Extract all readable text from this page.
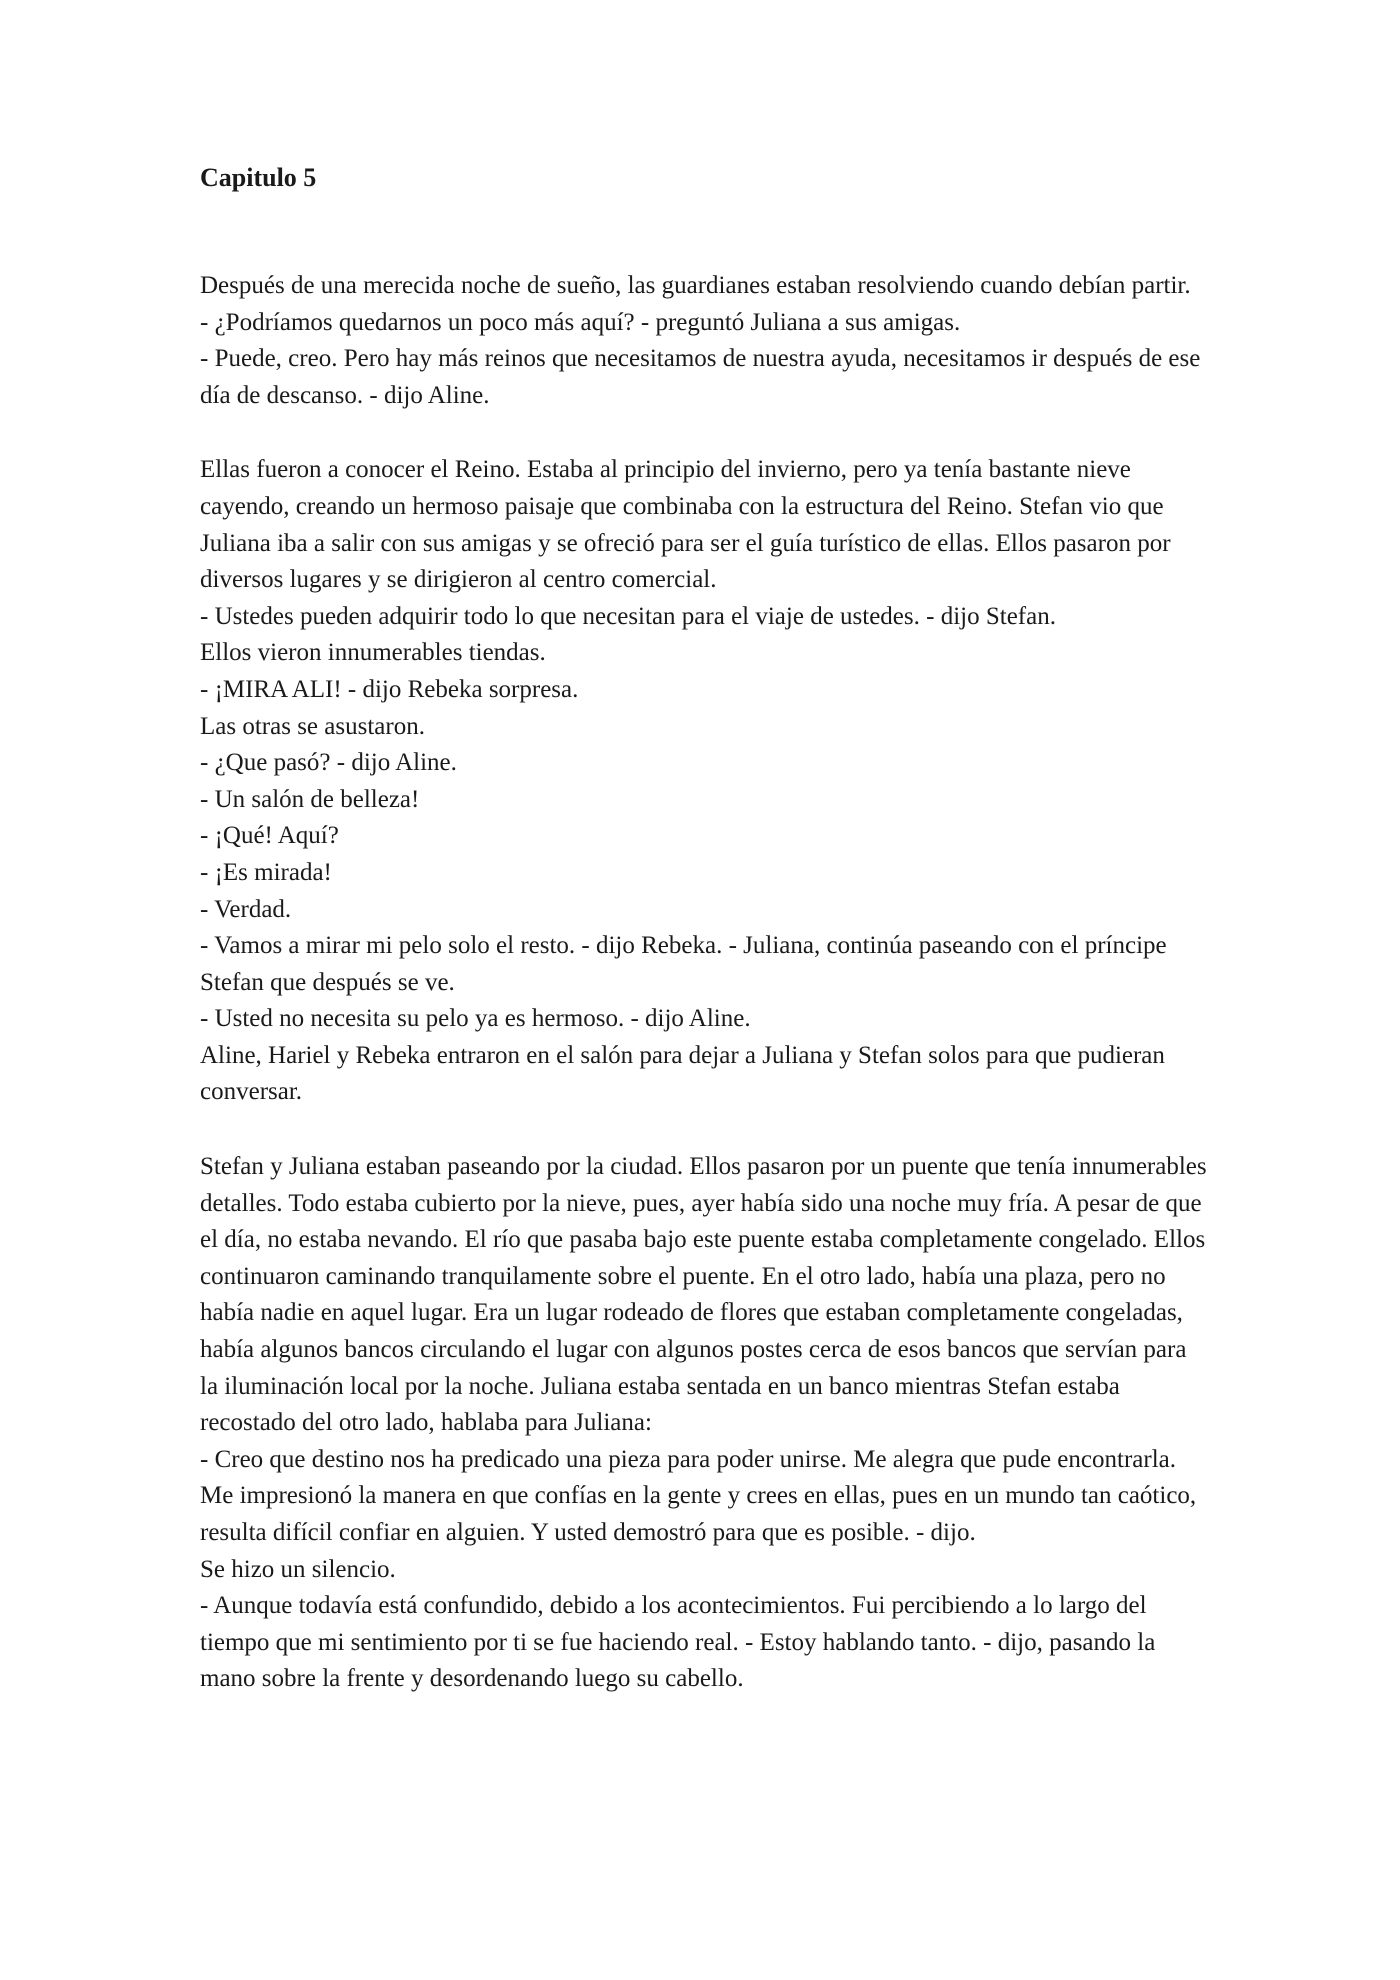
Capitulo 5
Después de una merecida noche de sueño, las guardianes estaban resolviendo cuando debían partir.
- ¿Podríamos quedarnos un poco más aquí? - preguntó Juliana a sus amigas.
- Puede, creo. Pero hay más reinos que necesitamos de nuestra ayuda, necesitamos ir después de ese día de descanso. - dijo Aline.
Ellas fueron a conocer el Reino. Estaba al principio del invierno, pero ya tenía bastante nieve cayendo, creando un hermoso paisaje que combinaba con la estructura del Reino. Stefan vio que Juliana iba a salir con sus amigas y se ofreció para ser el guía turístico de ellas. Ellos pasaron por diversos lugares y se dirigieron al centro comercial.
- Ustedes pueden adquirir todo lo que necesitan para el viaje de ustedes. - dijo Stefan.
Ellos vieron innumerables tiendas.
- ¡MIRA ALI! - dijo Rebeka sorpresa.
Las otras se asustaron.
- ¿Que pasó? - dijo Aline.
- Un salón de belleza!
- ¡Qué! Aquí?
- ¡Es mirada!
- Verdad.
- Vamos a mirar mi pelo solo el resto. - dijo Rebeka. - Juliana, continúa paseando con el príncipe Stefan que después se ve.
- Usted no necesita su pelo ya es hermoso. - dijo Aline.
Aline, Hariel y Rebeka entraron en el salón para dejar a Juliana y Stefan solos para que pudieran conversar.
Stefan y Juliana estaban paseando por la ciudad. Ellos pasaron por un puente que tenía innumerables detalles. Todo estaba cubierto por la nieve, pues, ayer había sido una noche muy fría. A pesar de que el día, no estaba nevando. El río que pasaba bajo este puente estaba completamente congelado. Ellos continuaron caminando tranquilamente sobre el puente. En el otro lado, había una plaza, pero no había nadie en aquel lugar. Era un lugar rodeado de flores que estaban completamente congeladas, había algunos bancos circulando el lugar con algunos postes cerca de esos bancos que servían para la iluminación local por la noche. Juliana estaba sentada en un banco mientras Stefan estaba recostado del otro lado, hablaba para Juliana:
- Creo que destino nos ha predicado una pieza para poder unirse. Me alegra que pude encontrarla. Me impresionó la manera en que confías en la gente y crees en ellas, pues en un mundo tan caótico, resulta difícil confiar en alguien. Y usted demostró para que es posible. - dijo.
Se hizo un silencio.
- Aunque todavía está confundido, debido a los acontecimientos. Fui percibiendo a lo largo del tiempo que mi sentimiento por ti se fue haciendo real. - Estoy hablando tanto. - dijo, pasando la mano sobre la frente y desordenando luego su cabello.
